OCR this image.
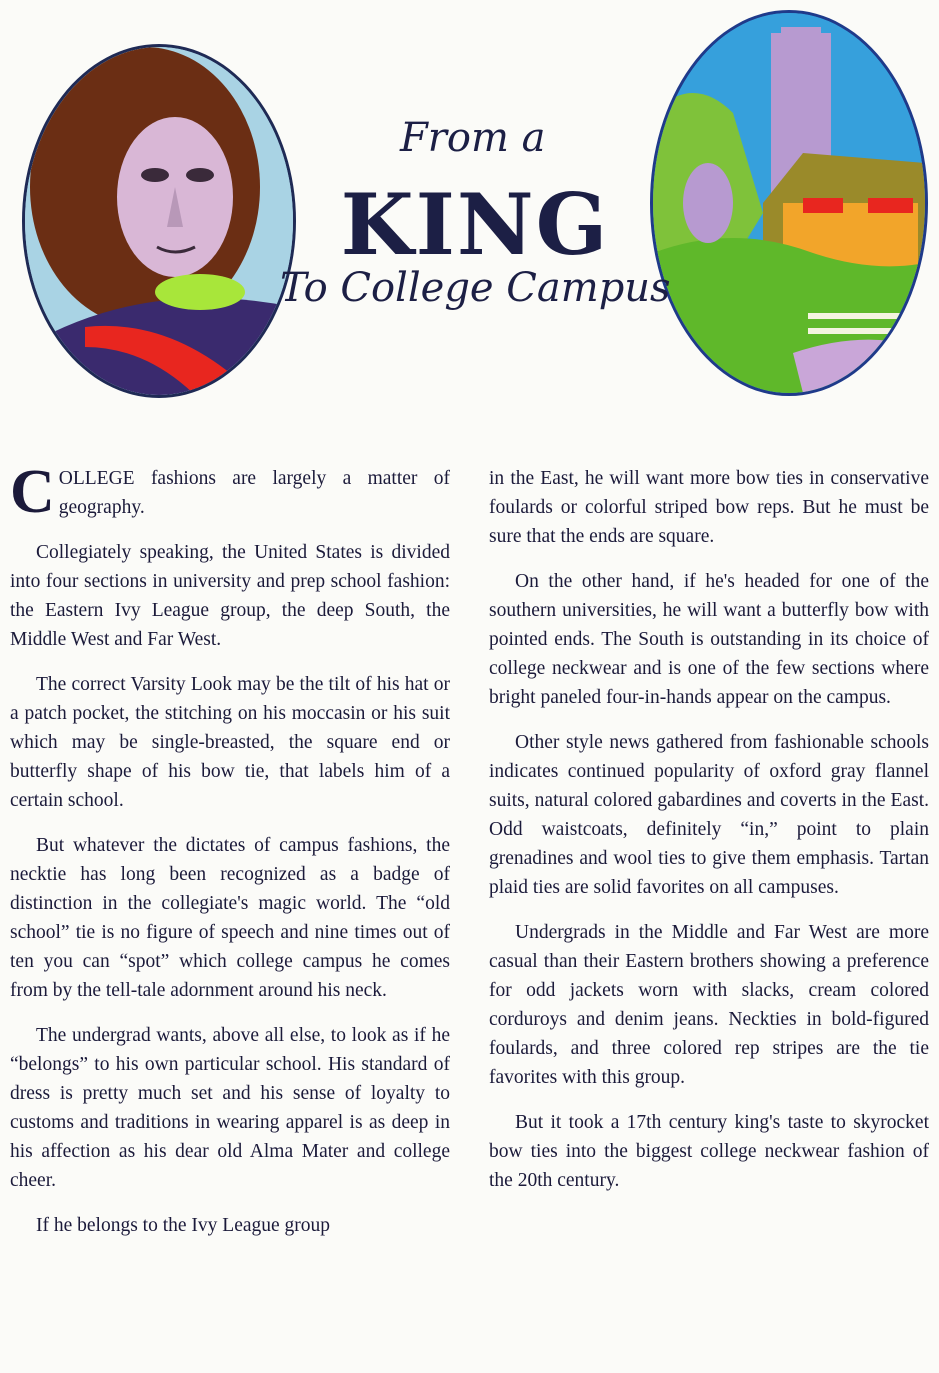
From a
KING
To College Campus

COLLEGE fashions are largely a matter of geography.

Collegiately speaking, the United States is divided into four sections in university and prep school fashion: the Eastern Ivy League group, the deep South, the Middle West and Far West.

The correct Varsity Look may be the tilt of his hat or a patch pocket, the stitching on his moccasin or his suit which may be single-breasted, the square end or butterfly shape of his bow tie, that labels him of a certain school.

But whatever the dictates of campus fashions, the necktie has long been recognized as a badge of distinction in the collegiate's magic world. The “old school” tie is no figure of speech and nine times out of ten you can “spot” which college campus he comes from by the tell-tale adornment around his neck.

The undergrad wants, above all else, to look as if he “belongs” to his own particular school. His standard of dress is pretty much set and his sense of loyalty to customs and traditions in wearing apparel is as deep in his affection as his dear old Alma Mater and college cheer.

If he belongs to the Ivy League group

in the East, he will want more bow ties in conservative foulards or colorful striped bow reps. But he must be sure that the ends are square.

On the other hand, if he's headed for one of the southern universities, he will want a butterfly bow with pointed ends. The South is outstanding in its choice of college neckwear and is one of the few sections where bright paneled four-in-hands appear on the campus.

Other style news gathered from fashionable schools indicates continued popularity of oxford gray flannel suits, natural colored gabardines and coverts in the East. Odd waistcoats, definitely “in,” point to plain grenadines and wool ties to give them emphasis. Tartan plaid ties are solid favorites on all campuses.

Undergrads in the Middle and Far West are more casual than their Eastern brothers showing a preference for odd jackets worn with slacks, cream colored corduroys and denim jeans. Neckties in bold-figured foulards, and three colored rep stripes are the tie favorites with this group.

But it took a 17th century king's taste to skyrocket bow ties into the biggest college neckwear fashion of the 20th century.
